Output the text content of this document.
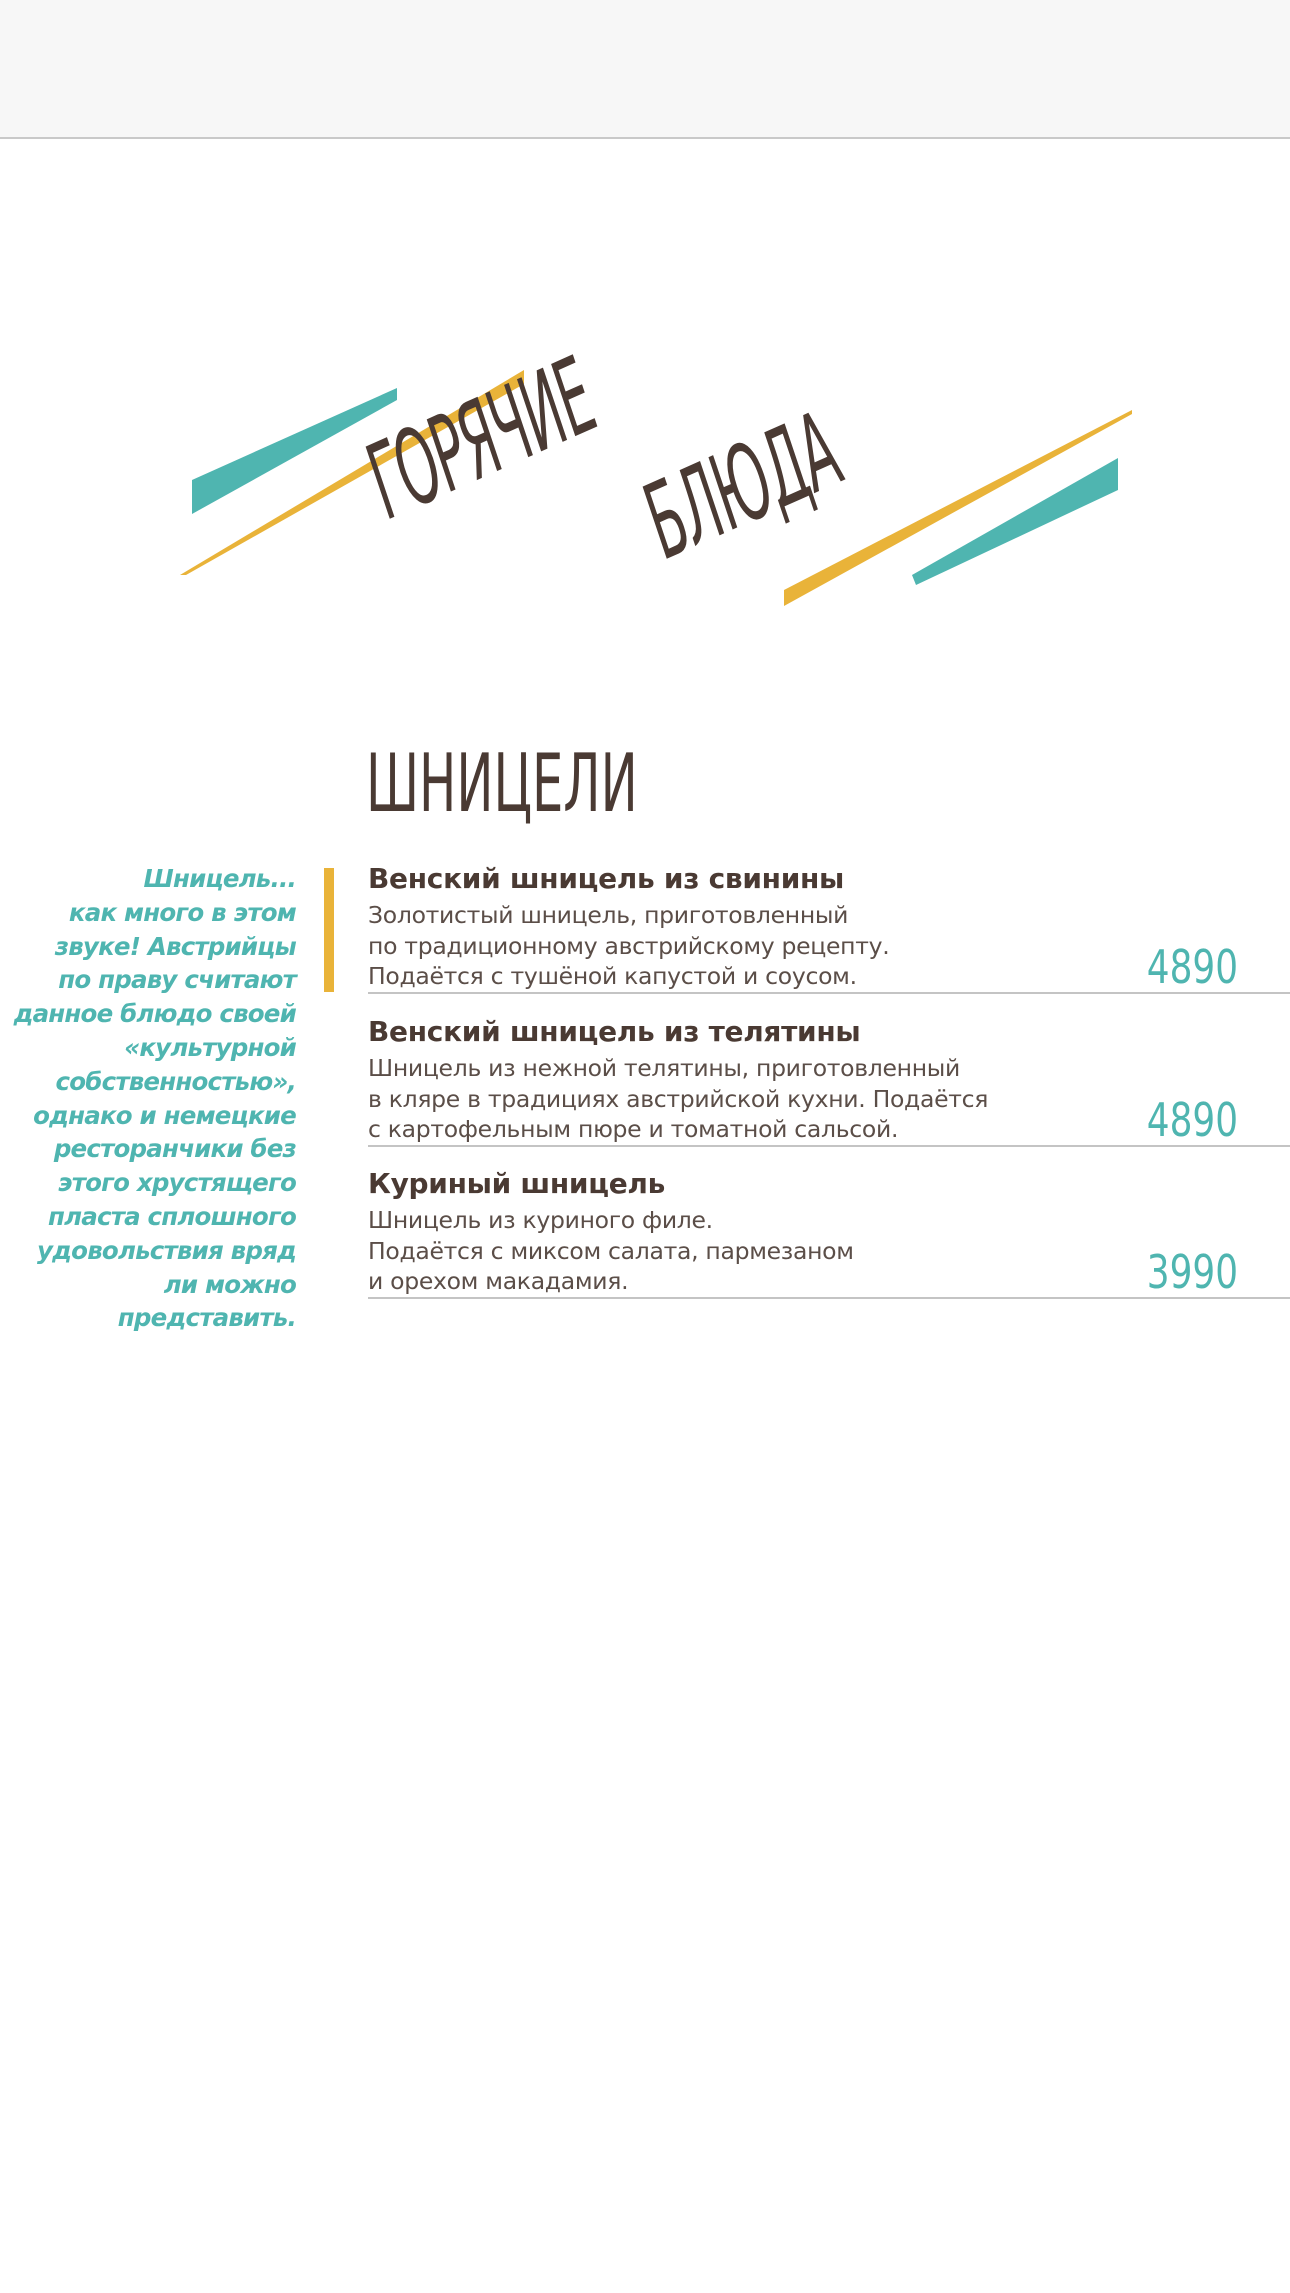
ГОРЯЧИЕ БЛЮДА
ШНИЦЕЛИ
Шницель...
как много в этом
звуке! Австрийцы
по праву считают
данное блюдо своей
«культурной
собственностью»,
однако и немецкие
ресторанчики без
этого хрустящего
пласта сплошного
удовольствия вряд
ли можно
представить.
Венский шницель из свинины
Золотистый шницель, приготовленный
по традиционному австрийскому рецепту.
Подаётся с тушёной капустой и соусом.	4890
Венский шницель из телятины
Шницель из нежной телятины, приготовленный
в кляре в традициях австрийской кухни. Подаётся
с картофельным пюре и томатной сальсой.	4890
Куриный шницель
Шницель из куриного филе.
Подаётся с миксом салата, пармезаном
и орехом макадамия.	3990
